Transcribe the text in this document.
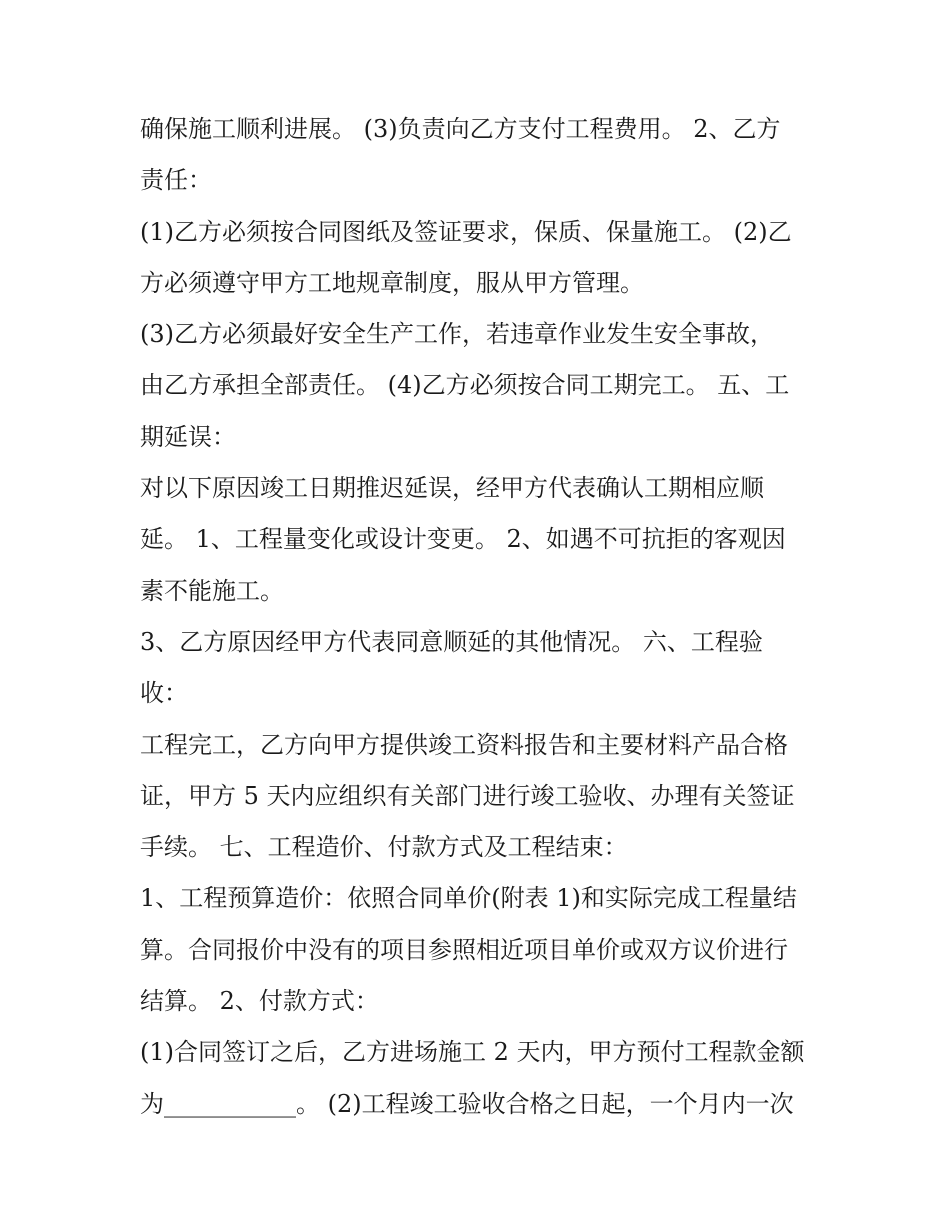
确保施工顺利进展。 (3)负责向乙方支付工程费用。 2、乙方
责任：
(1)乙方必须按合同图纸及签证要求，保质、保量施工。 (2)乙
方必须遵守甲方工地规章制度，服从甲方管理。
(3)乙方必须最好安全生产工作，若违章作业发生安全事故，
由乙方承担全部责任。 (4)乙方必须按合同工期完工。 五、工
期延误：
对以下原因竣工日期推迟延误，经甲方代表确认工期相应顺
延。 1、工程量变化或设计变更。 2、如遇不可抗拒的客观因
素不能施工。
3、乙方原因经甲方代表同意顺延的其他情况。 六、工程验
收：
工程完工，乙方向甲方提供竣工资料报告和主要材料产品合格
证，甲方 5 天内应组织有关部门进行竣工验收、办理有关签证
手续。 七、工程造价、付款方式及工程结束：
1、工程预算造价：依照合同单价(附表 1)和实际完成工程量结
算。合同报价中没有的项目参照相近项目单价或双方议价进行
结算。 2、付款方式：
(1)合同签订之后，乙方进场施工 2 天内，甲方预付工程款金额
为___________。 (2)工程竣工验收合格之日起，一个月内一次
